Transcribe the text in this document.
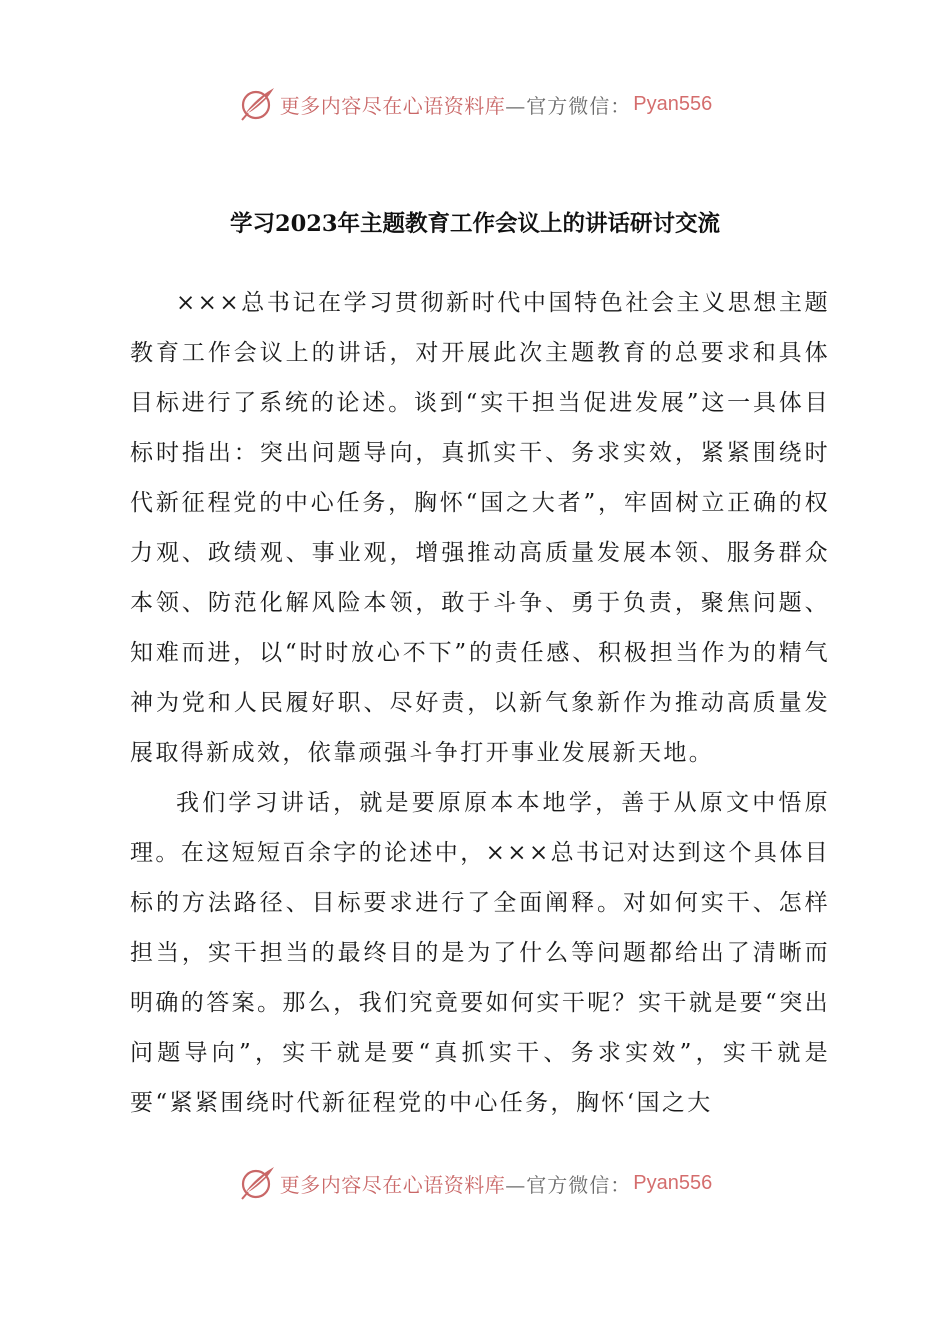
更多内容尽在心语资料库 —官方微信： Pyan556
学习2023年主题教育工作会议上的讲话研讨交流

×××总书记在学习贯彻新时代中国特色社会主义思想主题教育工作会议上的讲话，对开展此次主题教育的总要求和具体目标进行了系统的论述。谈到“实干担当促进发展”这一具体目标时指出：突出问题导向，真抓实干、务求实效，紧紧围绕时代新征程党的中心任务，胸怀“国之大者”，牢固树立正确的权力观、政绩观、事业观，增强推动高质量发展本领、服务群众本领、防范化解风险本领，敢于斗争、勇于负责，聚焦问题、知难而进，以“时时放心不下”的责任感、积极担当作为的精气神为党和人民履好职、尽好责，以新气象新作为推动高质量发展取得新成效，依靠顽强斗争打开事业发展新天地。

我们学习讲话，就是要原原本本地学，善于从原文中悟原理。在这短短百余字的论述中，×××总书记对达到这个具体目标的方法路径、目标要求进行了全面阐释。对如何实干、怎样担当，实干担当的最终目的是为了什么等问题都给出了清晰而明确的答案。那么，我们究竟要如何实干呢？实干就是要“突出问题导向”，实干就是要“真抓实干、务求实效”，实干就是要“紧紧围绕时代新征程党的中心任务，胸怀‘国之大

更多内容尽在心语资料库 —官方微信： Pyan556
